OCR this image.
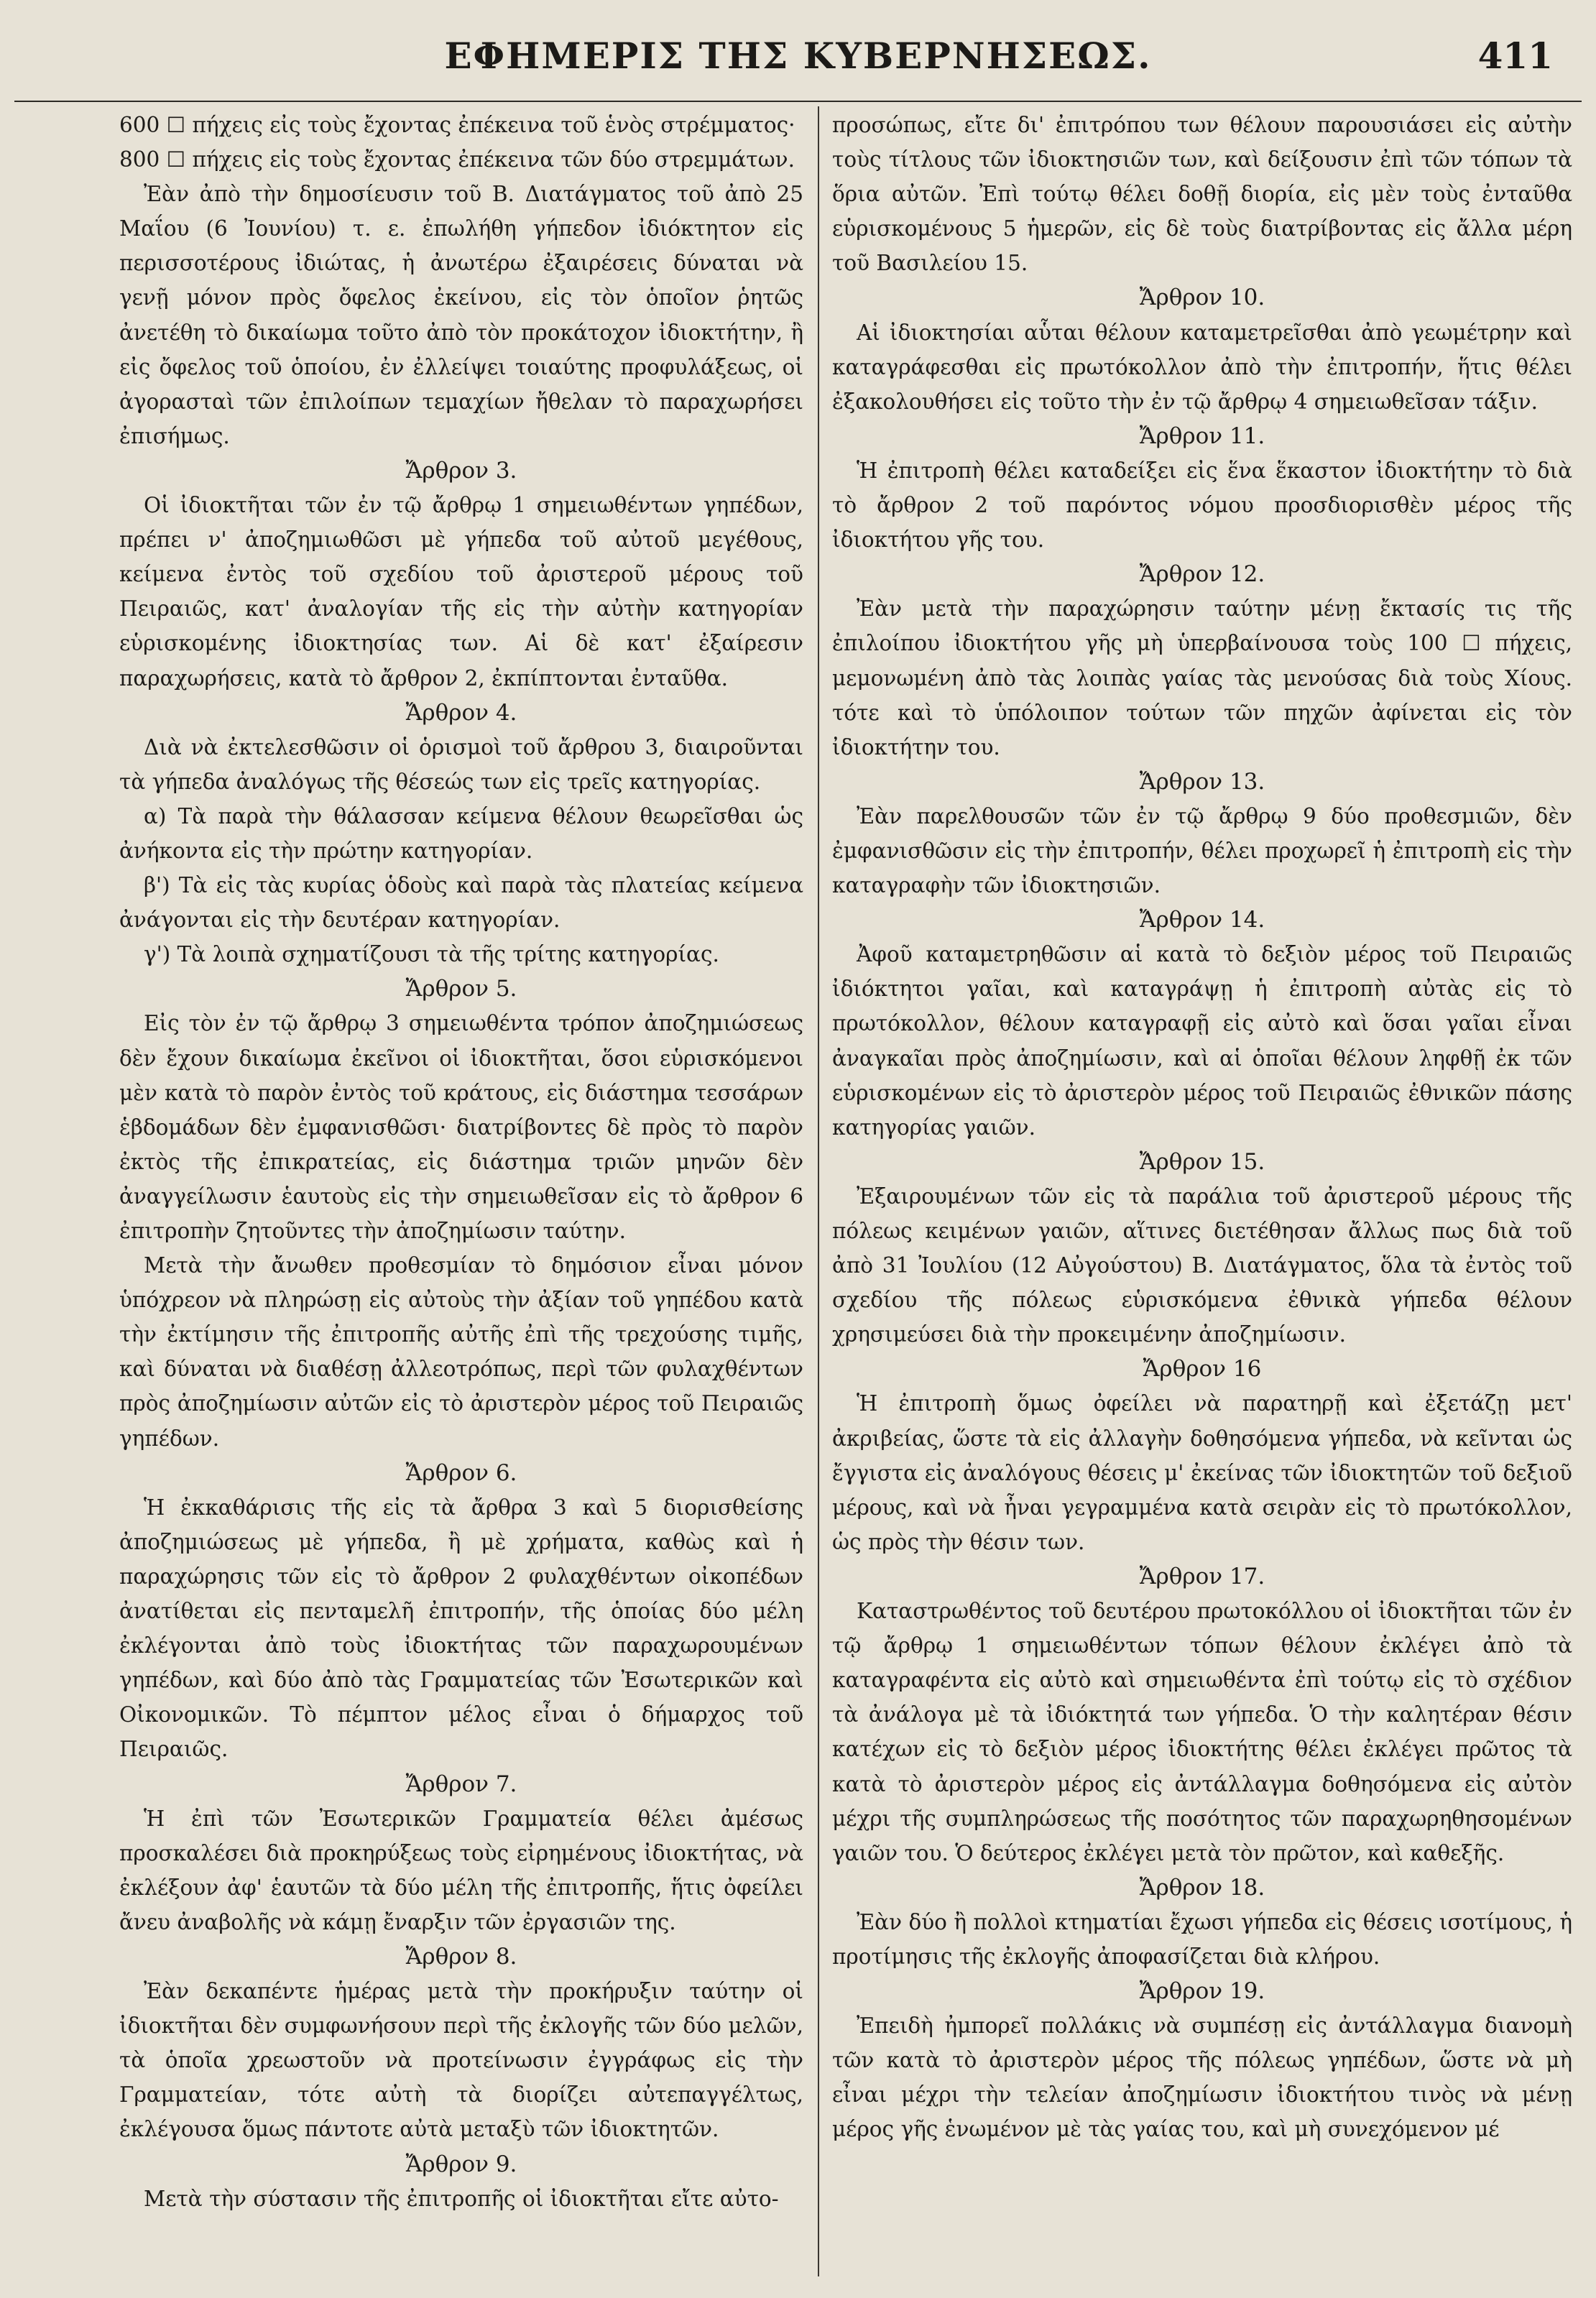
ΕΦΗΜΕΡΙΣ ΤΗΣ ΚΥΒΕΡΝΗΣΕΩΣ.	411

600 ☐ πήχεις εἰς τοὺς ἔχοντας ἐπέκεινα τοῦ ἑνὸς στρέμματος·

800 ☐ πήχεις εἰς τοὺς ἔχοντας ἐπέκεινα τῶν δύο στρεμμάτων.

Ἐὰν ἀπὸ τὴν δημοσίευσιν τοῦ Β. Διατάγματος τοῦ ἀπὸ 25 Μαΐου (6 Ἰουνίου) τ. ε. ἐπωλήθη γήπεδον ἰδιόκτητον εἰς περισσοτέρους ἰδιώτας, ἡ ἀνωτέρω ἐξαιρέσεις δύναται νὰ γενῇ μόνον πρὸς ὄφελος ἐκείνου, εἰς τὸν ὁποῖον ῥητῶς ἀνετέθη τὸ δικαίωμα τοῦτο ἀπὸ τὸν προκάτοχον ἰδιοκτήτην, ἢ εἰς ὄφελος τοῦ ὁποίου, ἐν ἐλλείψει τοιαύτης προφυλάξεως, οἱ ἀγορασταὶ τῶν ἐπιλοίπων τεμαχίων ἤθελαν τὸ παραχωρήσει ἐπισήμως.

Ἄρθρον 3.

Οἱ ἰδιοκτῆται τῶν ἐν τῷ ἄρθρῳ 1 σημειωθέντων γηπέδων, πρέπει ν' ἀποζημιωθῶσι μὲ γήπεδα τοῦ αὐτοῦ μεγέθους, κείμενα ἐντὸς τοῦ σχεδίου τοῦ ἀριστεροῦ μέρους τοῦ Πειραιῶς, κατ' ἀναλογίαν τῆς εἰς τὴν αὐτὴν κατηγορίαν εὑρισκομένης ἰδιοκτησίας των. Αἱ δὲ κατ' ἐξαίρεσιν παραχωρήσεις, κατὰ τὸ ἄρθρον 2, ἐκπίπτονται ἐνταῦθα.

Ἄρθρον 4.

Διὰ νὰ ἐκτελεσθῶσιν οἱ ὁρισμοὶ τοῦ ἄρθρου 3, διαιροῦνται τὰ γήπεδα ἀναλόγως τῆς θέσεώς των εἰς τρεῖς κατηγορίας.

α) Τὰ παρὰ τὴν θάλασσαν κείμενα θέλουν θεωρεῖσθαι ὡς ἀνήκοντα εἰς τὴν πρώτην κατηγορίαν.

β') Τὰ εἰς τὰς κυρίας ὁδοὺς καὶ παρὰ τὰς πλατείας κείμενα ἀνάγονται εἰς τὴν δευτέραν κατηγορίαν.

γ') Τὰ λοιπὰ σχηματίζουσι τὰ τῆς τρίτης κατηγορίας.

Ἄρθρον 5.

Εἰς τὸν ἐν τῷ ἄρθρῳ 3 σημειωθέντα τρόπον ἀποζημιώσεως δὲν ἔχουν δικαίωμα ἐκεῖνοι οἱ ἰδιοκτῆται, ὅσοι εὑρισκόμενοι μὲν κατὰ τὸ παρὸν ἐντὸς τοῦ κράτους, εἰς διάστημα τεσσάρων ἑβδομάδων δὲν ἐμφανισθῶσι· διατρίβοντες δὲ πρὸς τὸ παρὸν ἐκτὸς τῆς ἐπικρατείας, εἰς διάστημα τριῶν μηνῶν δὲν ἀναγγείλωσιν ἑαυτοὺς εἰς τὴν σημειωθεῖσαν εἰς τὸ ἄρθρον 6 ἐπιτροπὴν ζητοῦντες τὴν ἀποζημίωσιν ταύτην.

Μετὰ τὴν ἄνωθεν προθεσμίαν τὸ δημόσιον εἶναι μόνον ὑπόχρεον νὰ πληρώσῃ εἰς αὐτοὺς τὴν ἀξίαν τοῦ γηπέδου κατὰ τὴν ἐκτίμησιν τῆς ἐπιτροπῆς αὐτῆς ἐπὶ τῆς τρεχούσης τιμῆς, καὶ δύναται νὰ διαθέσῃ ἀλλεοτρόπως, περὶ τῶν φυλαχθέντων πρὸς ἀποζημίωσιν αὐτῶν εἰς τὸ ἀριστερὸν μέρος τοῦ Πειραιῶς γηπέδων.

Ἄρθρον 6.

Ἡ ἐκκαθάρισις τῆς εἰς τὰ ἄρθρα 3 καὶ 5 διορισθείσης ἀποζημιώσεως μὲ γήπεδα, ἢ μὲ χρήματα, καθὼς καὶ ἡ παραχώρησις τῶν εἰς τὸ ἄρθρον 2 φυλαχθέντων οἰκοπέδων ἀνατίθεται εἰς πενταμελῆ ἐπιτροπήν, τῆς ὁποίας δύο μέλη ἐκλέγονται ἀπὸ τοὺς ἰδιοκτήτας τῶν παραχωρουμένων γηπέδων, καὶ δύο ἀπὸ τὰς Γραμματείας τῶν Ἐσωτερικῶν καὶ Οἰκονομικῶν. Τὸ πέμπτον μέλος εἶναι ὁ δήμαρχος τοῦ Πειραιῶς.

Ἄρθρον 7.

Ἡ ἐπὶ τῶν Ἐσωτερικῶν Γραμματεία θέλει ἀμέσως προσκαλέσει διὰ προκηρύξεως τοὺς εἰρημένους ἰδιοκτήτας, νὰ ἐκλέξουν ἀφ' ἑαυτῶν τὰ δύο μέλη τῆς ἐπιτροπῆς, ἥτις ὀφείλει ἄνευ ἀναβολῆς νὰ κάμῃ ἔναρξιν τῶν ἐργασιῶν της.

Ἄρθρον 8.

Ἐὰν δεκαπέντε ἡμέρας μετὰ τὴν προκήρυξιν ταύτην οἱ ἰδιοκτῆται δὲν συμφωνήσουν περὶ τῆς ἐκλογῆς τῶν δύο μελῶν, τὰ ὁποῖα χρεωστοῦν νὰ προτείνωσιν ἐγγράφως εἰς τὴν Γραμματείαν, τότε αὐτὴ τὰ διορίζει αὐτεπαγγέλτως, ἐκλέγουσα ὅμως πάντοτε αὐτὰ μεταξὺ τῶν ἰδιοκτητῶν.

Ἄρθρον 9.

Μετὰ τὴν σύστασιν τῆς ἐπιτροπῆς οἱ ἰδιοκτῆται εἴτε αὐτο-

προσώπως, εἴτε δι' ἐπιτρόπου των θέλουν παρουσιάσει εἰς αὐτὴν τοὺς τίτλους τῶν ἰδιοκτησιῶν των, καὶ δείξουσιν ἐπὶ τῶν τόπων τὰ ὅρια αὐτῶν. Ἐπὶ τούτῳ θέλει δοθῇ διορία, εἰς μὲν τοὺς ἐνταῦθα εὑρισκομένους 5 ἡμερῶν, εἰς δὲ τοὺς διατρίβοντας εἰς ἄλλα μέρη τοῦ Βασιλείου 15.

Ἄρθρον 10.

Αἱ ἰδιοκτησίαι αὗται θέλουν καταμετρεῖσθαι ἀπὸ γεωμέτρην καὶ καταγράφεσθαι εἰς πρωτόκολλον ἀπὸ τὴν ἐπιτροπήν, ἥτις θέλει ἐξακολουθήσει εἰς τοῦτο τὴν ἐν τῷ ἄρθρῳ 4 σημειωθεῖσαν τάξιν.

Ἄρθρον 11.

Ἡ ἐπιτροπὴ θέλει καταδείξει εἰς ἕνα ἕκαστον ἰδιοκτήτην τὸ διὰ τὸ ἄρθρον 2 τοῦ παρόντος νόμου προσδιορισθὲν μέρος τῆς ἰδιοκτήτου γῆς του.

Ἄρθρον 12.

Ἐὰν μετὰ τὴν παραχώρησιν ταύτην μένῃ ἔκτασίς τις τῆς ἐπιλοίπου ἰδιοκτήτου γῆς μὴ ὑπερβαίνουσα τοὺς 100 ☐ πήχεις, μεμονωμένη ἀπὸ τὰς λοιπὰς γαίας τὰς μενούσας διὰ τοὺς Χίους. τότε καὶ τὸ ὑπόλοιπον τούτων τῶν πηχῶν ἀφίνεται εἰς τὸν ἰδιοκτήτην του.

Ἄρθρον 13.

Ἐὰν παρελθουσῶν τῶν ἐν τῷ ἄρθρῳ 9 δύο προθεσμιῶν, δὲν ἐμφανισθῶσιν εἰς τὴν ἐπιτροπήν, θέλει προχωρεῖ ἡ ἐπιτροπὴ εἰς τὴν καταγραφὴν τῶν ἰδιοκτησιῶν.

Ἄρθρον 14.

Ἀφοῦ καταμετρηθῶσιν αἱ κατὰ τὸ δεξιὸν μέρος τοῦ Πειραιῶς ἰδιόκτητοι γαῖαι, καὶ καταγράψῃ ἡ ἐπιτροπὴ αὐτὰς εἰς τὸ πρωτόκολλον, θέλουν καταγραφῇ εἰς αὐτὸ καὶ ὅσαι γαῖαι εἶναι ἀναγκαῖαι πρὸς ἀποζημίωσιν, καὶ αἱ ὁποῖαι θέλουν ληφθῇ ἐκ τῶν εὑρισκομένων εἰς τὸ ἀριστερὸν μέρος τοῦ Πειραιῶς ἐθνικῶν πάσης κατηγορίας γαιῶν.

Ἄρθρον 15.

Ἐξαιρουμένων τῶν εἰς τὰ παράλια τοῦ ἀριστεροῦ μέρους τῆς πόλεως κειμένων γαιῶν, αἵτινες διετέθησαν ἄλλως πως διὰ τοῦ ἀπὸ 31 Ἰουλίου (12 Αὐγούστου) Β. Διατάγματος, ὅλα τὰ ἐντὸς τοῦ σχεδίου τῆς πόλεως εὑρισκόμενα ἐθνικὰ γήπεδα θέλουν χρησιμεύσει διὰ τὴν προκειμένην ἀποζημίωσιν.

Ἄρθρον 16

Ἡ ἐπιτροπὴ ὅμως ὀφείλει νὰ παρατηρῇ καὶ ἐξετάζῃ μετ' ἀκριβείας, ὥστε τὰ εἰς ἀλλαγὴν δοθησόμενα γήπεδα, νὰ κεῖνται ὡς ἔγγιστα εἰς ἀναλόγους θέσεις μ' ἐκείνας τῶν ἰδιοκτητῶν τοῦ δεξιοῦ μέρους, καὶ νὰ ἦναι γεγραμμένα κατὰ σειρὰν εἰς τὸ πρωτόκολλον, ὡς πρὸς τὴν θέσιν των.

Ἄρθρον 17.

Καταστρωθέντος τοῦ δευτέρου πρωτοκόλλου οἱ ἰδιοκτῆται τῶν ἐν τῷ ἄρθρῳ 1 σημειωθέντων τόπων θέλουν ἐκλέγει ἀπὸ τὰ καταγραφέντα εἰς αὐτὸ καὶ σημειωθέντα ἐπὶ τούτῳ εἰς τὸ σχέδιον τὰ ἀνάλογα μὲ τὰ ἰδιόκτητά των γήπεδα. Ὁ τὴν καλητέραν θέσιν κατέχων εἰς τὸ δεξιὸν μέρος ἰδιοκτήτης θέλει ἐκλέγει πρῶτος τὰ κατὰ τὸ ἀριστερὸν μέρος εἰς ἀντάλλαγμα δοθησόμενα εἰς αὐτὸν μέχρι τῆς συμπληρώσεως τῆς ποσότητος τῶν παραχωρηθησομένων γαιῶν του. Ὁ δεύτερος ἐκλέγει μετὰ τὸν πρῶτον, καὶ καθεξῆς.

Ἄρθρον 18.

Ἐὰν δύο ἢ πολλοὶ κτηματίαι ἔχωσι γήπεδα εἰς θέσεις ισοτίμους, ἡ προτίμησις τῆς ἐκλογῆς ἀποφασίζεται διὰ κλήρου.

Ἄρθρον 19.

Ἐπειδὴ ἠμπορεῖ πολλάκις νὰ συμπέσῃ εἰς ἀντάλλαγμα διανομὴ τῶν κατὰ τὸ ἀριστερὸν μέρος τῆς πόλεως γηπέδων, ὥστε νὰ μὴ εἶναι μέχρι τὴν τελείαν ἀποζημίωσιν ἰδιοκτήτου τινὸς νὰ μένῃ μέρος γῆς ἑνωμένον μὲ τὰς γαίας του, καὶ μὴ συνεχόμενον μέ
